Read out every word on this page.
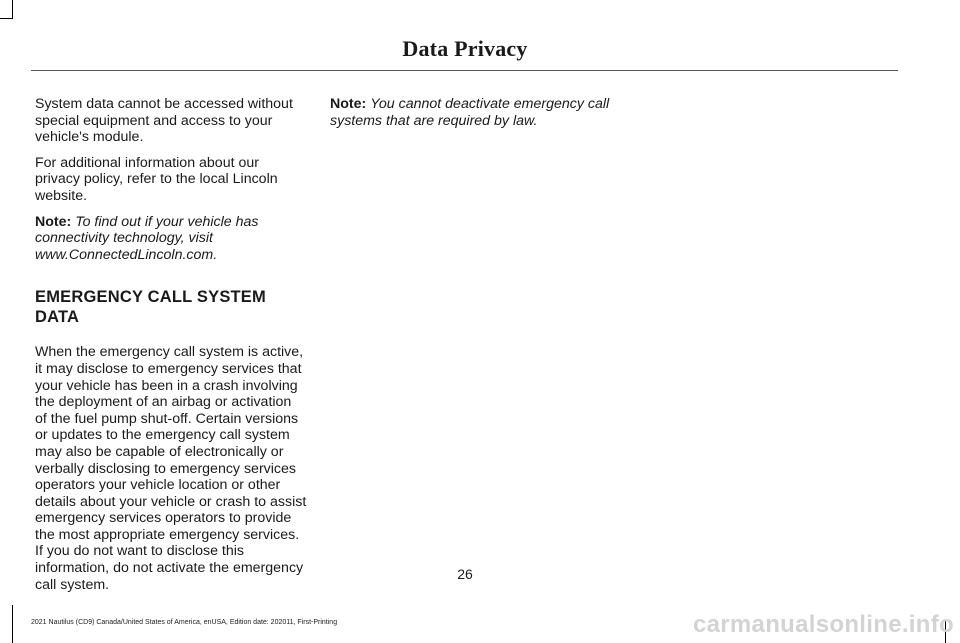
Data Privacy

System data cannot be accessed without special equipment and access to your vehicle's module.

For additional information about our privacy policy, refer to the local Lincoln website.

Note: To find out if your vehicle has connectivity technology, visit www.ConnectedLincoln.com.

EMERGENCY CALL SYSTEM DATA

When the emergency call system is active, it may disclose to emergency services that your vehicle has been in a crash involving the deployment of an airbag or activation of the fuel pump shut-off. Certain versions or updates to the emergency call system may also be capable of electronically or verbally disclosing to emergency services operators your vehicle location or other details about your vehicle or crash to assist emergency services operators to provide the most appropriate emergency services. If you do not want to disclose this information, do not activate the emergency call system.

Note: You cannot deactivate emergency call systems that are required by law.

26
2021 Nautilus (CD9) Canada/United States of America, enUSA, Edition date: 202011, First-Printing	carmanualsonline.info
